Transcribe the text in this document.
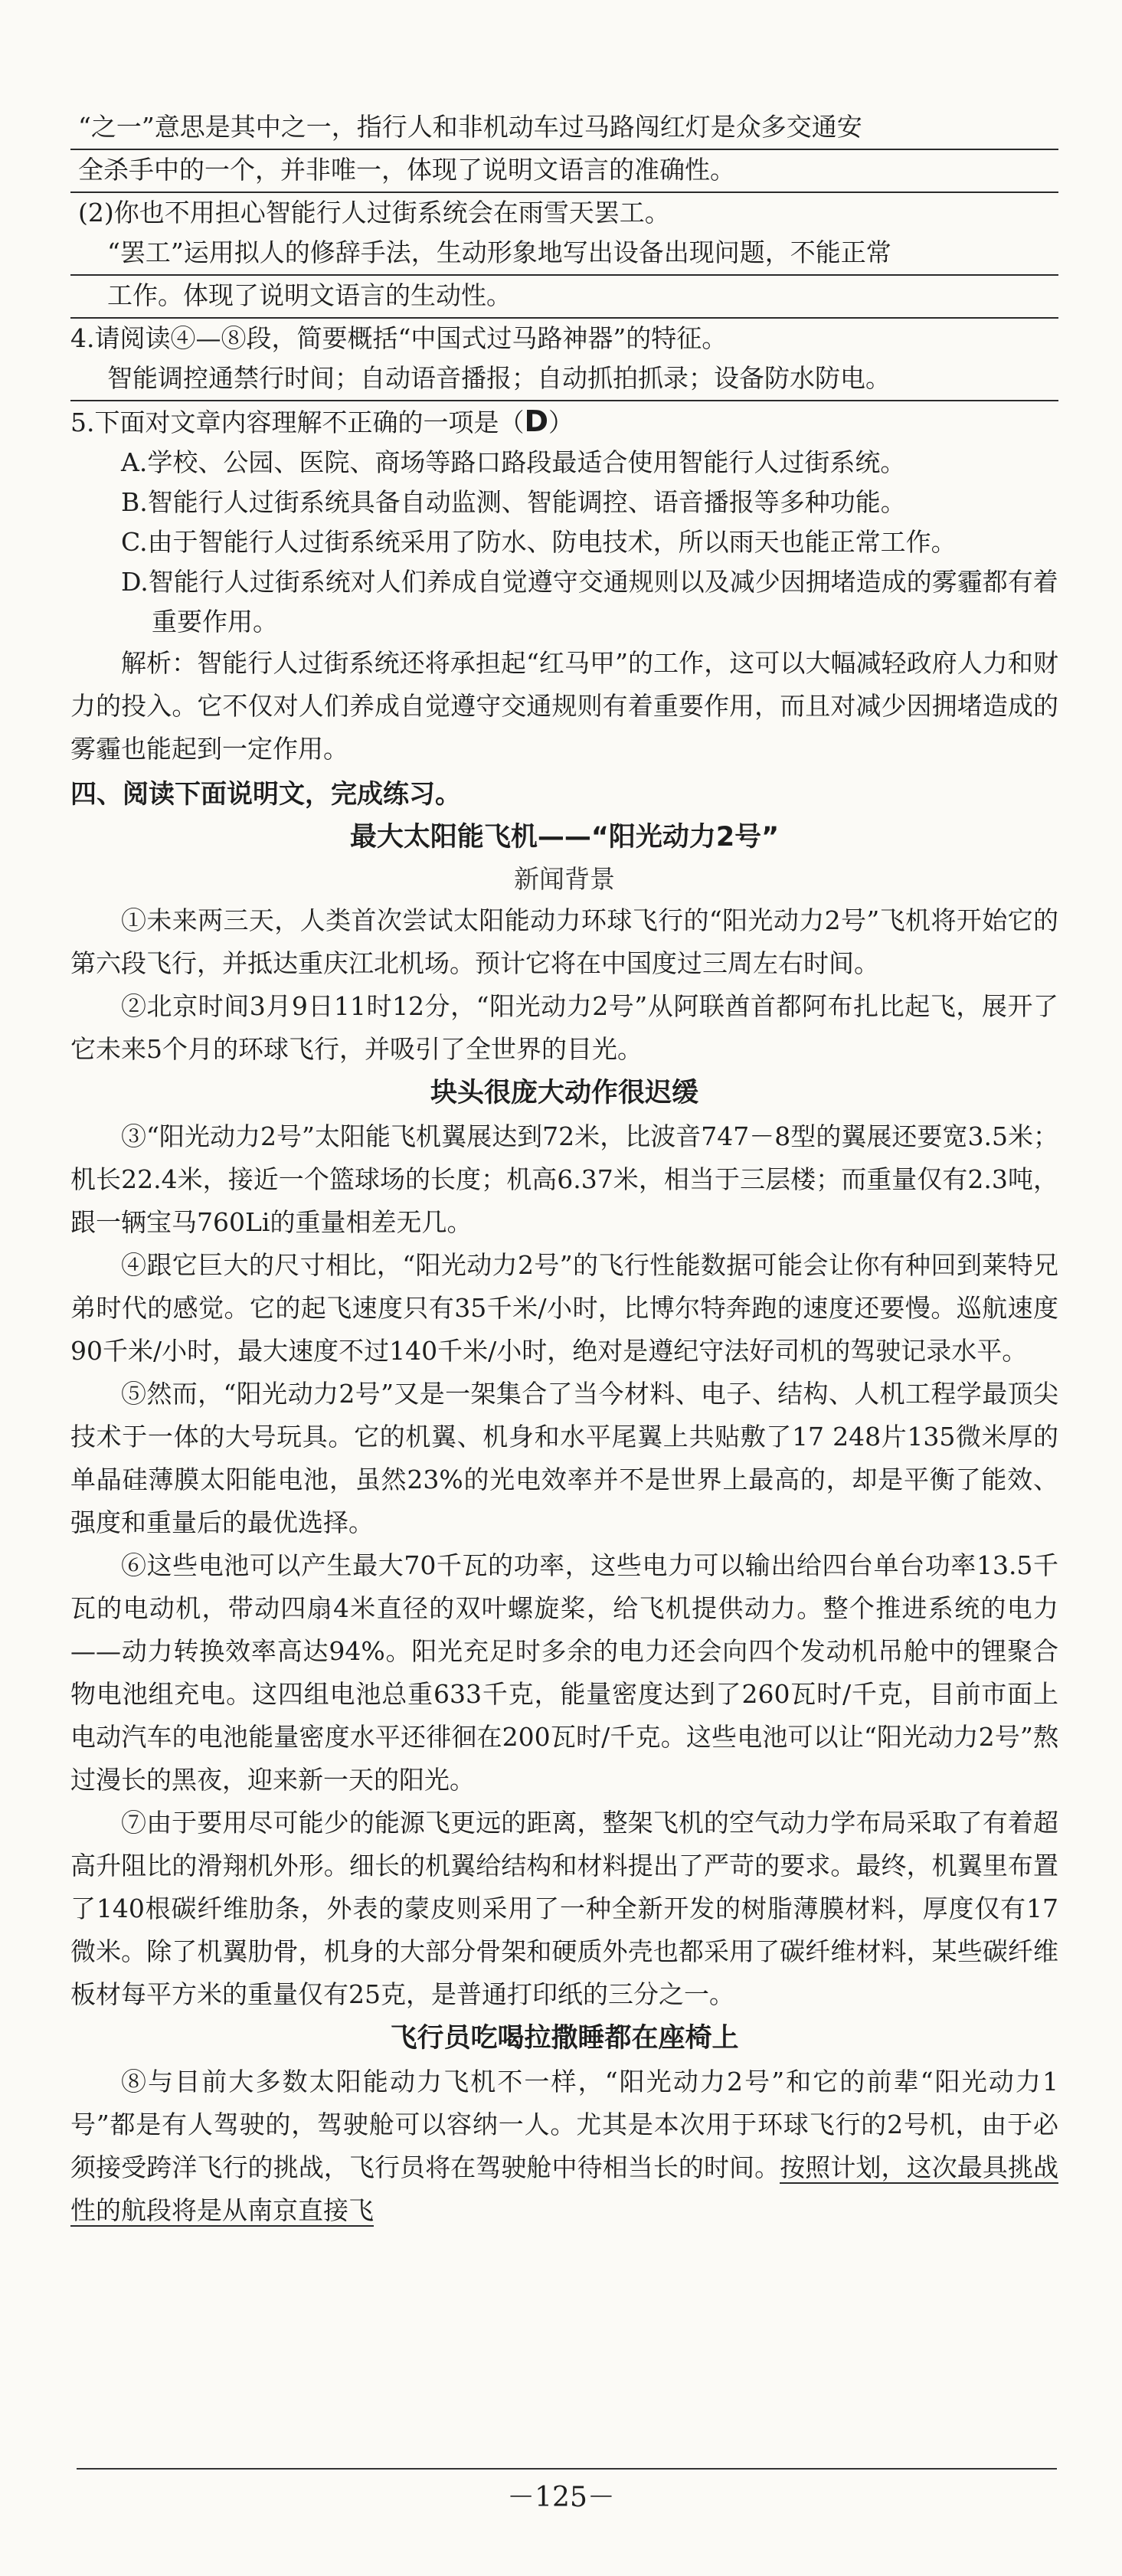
“之一”意思是其中之一，指行人和非机动车过马路闯红灯是众多交通安

全杀手中的一个，并非唯一，体现了说明文语言的准确性。

(2)你也不用担心智能行人过街系统会在雨雪天罢工。

“罢工”运用拟人的修辞手法，生动形象地写出设备出现问题，不能正常

工作。体现了说明文语言的生动性。

4.请阅读④—⑧段，简要概括“中国式过马路神器”的特征。

智能调控通禁行时间；自动语音播报；自动抓拍抓录；设备防水防电。

5.下面对文章内容理解不正确的一项是（D）

A.学校、公园、医院、商场等路口路段最适合使用智能行人过街系统。

B.智能行人过街系统具备自动监测、智能调控、语音播报等多种功能。

C.由于智能行人过街系统采用了防水、防电技术，所以雨天也能正常工作。

D.智能行人过街系统对人们养成自觉遵守交通规则以及减少因拥堵造成的雾霾都有着重要作用。

解析：智能行人过街系统还将承担起“红马甲”的工作，这可以大幅减轻政府人力和财力的投入。它不仅对人们养成自觉遵守交通规则有着重要作用，而且对减少因拥堵造成的雾霾也能起到一定作用。

四、阅读下面说明文，完成练习。

最大太阳能飞机——“阳光动力2号”

新闻背景

①未来两三天，人类首次尝试太阳能动力环球飞行的“阳光动力2号”飞机将开始它的第六段飞行，并抵达重庆江北机场。预计它将在中国度过三周左右时间。

②北京时间3月9日11时12分，“阳光动力2号”从阿联酋首都阿布扎比起飞，展开了它未来5个月的环球飞行，并吸引了全世界的目光。

块头很庞大动作很迟缓

③“阳光动力2号”太阳能飞机翼展达到72米，比波音747－8型的翼展还要宽3.5米；机长22.4米，接近一个篮球场的长度；机高6.37米，相当于三层楼；而重量仅有2.3吨，跟一辆宝马760Li的重量相差无几。

④跟它巨大的尺寸相比，“阳光动力2号”的飞行性能数据可能会让你有种回到莱特兄弟时代的感觉。它的起飞速度只有35千米/小时，比博尔特奔跑的速度还要慢。巡航速度90千米/小时，最大速度不过140千米/小时，绝对是遵纪守法好司机的驾驶记录水平。

⑤然而，“阳光动力2号”又是一架集合了当今材料、电子、结构、人机工程学最顶尖技术于一体的大号玩具。它的机翼、机身和水平尾翼上共贴敷了17 248片135微米厚的单晶硅薄膜太阳能电池，虽然23%的光电效率并不是世界上最高的，却是平衡了能效、强度和重量后的最优选择。

⑥这些电池可以产生最大70千瓦的功率，这些电力可以输出给四台单台功率13.5千瓦的电动机，带动四扇4米直径的双叶螺旋桨，给飞机提供动力。整个推进系统的电力——动力转换效率高达94%。阳光充足时多余的电力还会向四个发动机吊舱中的锂聚合物电池组充电。这四组电池总重633千克，能量密度达到了260瓦时/千克，目前市面上电动汽车的电池能量密度水平还徘徊在200瓦时/千克。这些电池可以让“阳光动力2号”熬过漫长的黑夜，迎来新一天的阳光。

⑦由于要用尽可能少的能源飞更远的距离，整架飞机的空气动力学布局采取了有着超高升阻比的滑翔机外形。细长的机翼给结构和材料提出了严苛的要求。最终，机翼里布置了140根碳纤维肋条，外表的蒙皮则采用了一种全新开发的树脂薄膜材料，厚度仅有17微米。除了机翼肋骨，机身的大部分骨架和硬质外壳也都采用了碳纤维材料，某些碳纤维板材每平方米的重量仅有25克，是普通打印纸的三分之一。

飞行员吃喝拉撒睡都在座椅上

⑧与目前大多数太阳能动力飞机不一样，“阳光动力2号”和它的前辈“阳光动力1号”都是有人驾驶的，驾驶舱可以容纳一人。尤其是本次用于环球飞行的2号机，由于必须接受跨洋飞行的挑战，飞行员将在驾驶舱中待相当长的时间。按照计划，这次最具挑战性的航段将是从南京直接飞

－125－
